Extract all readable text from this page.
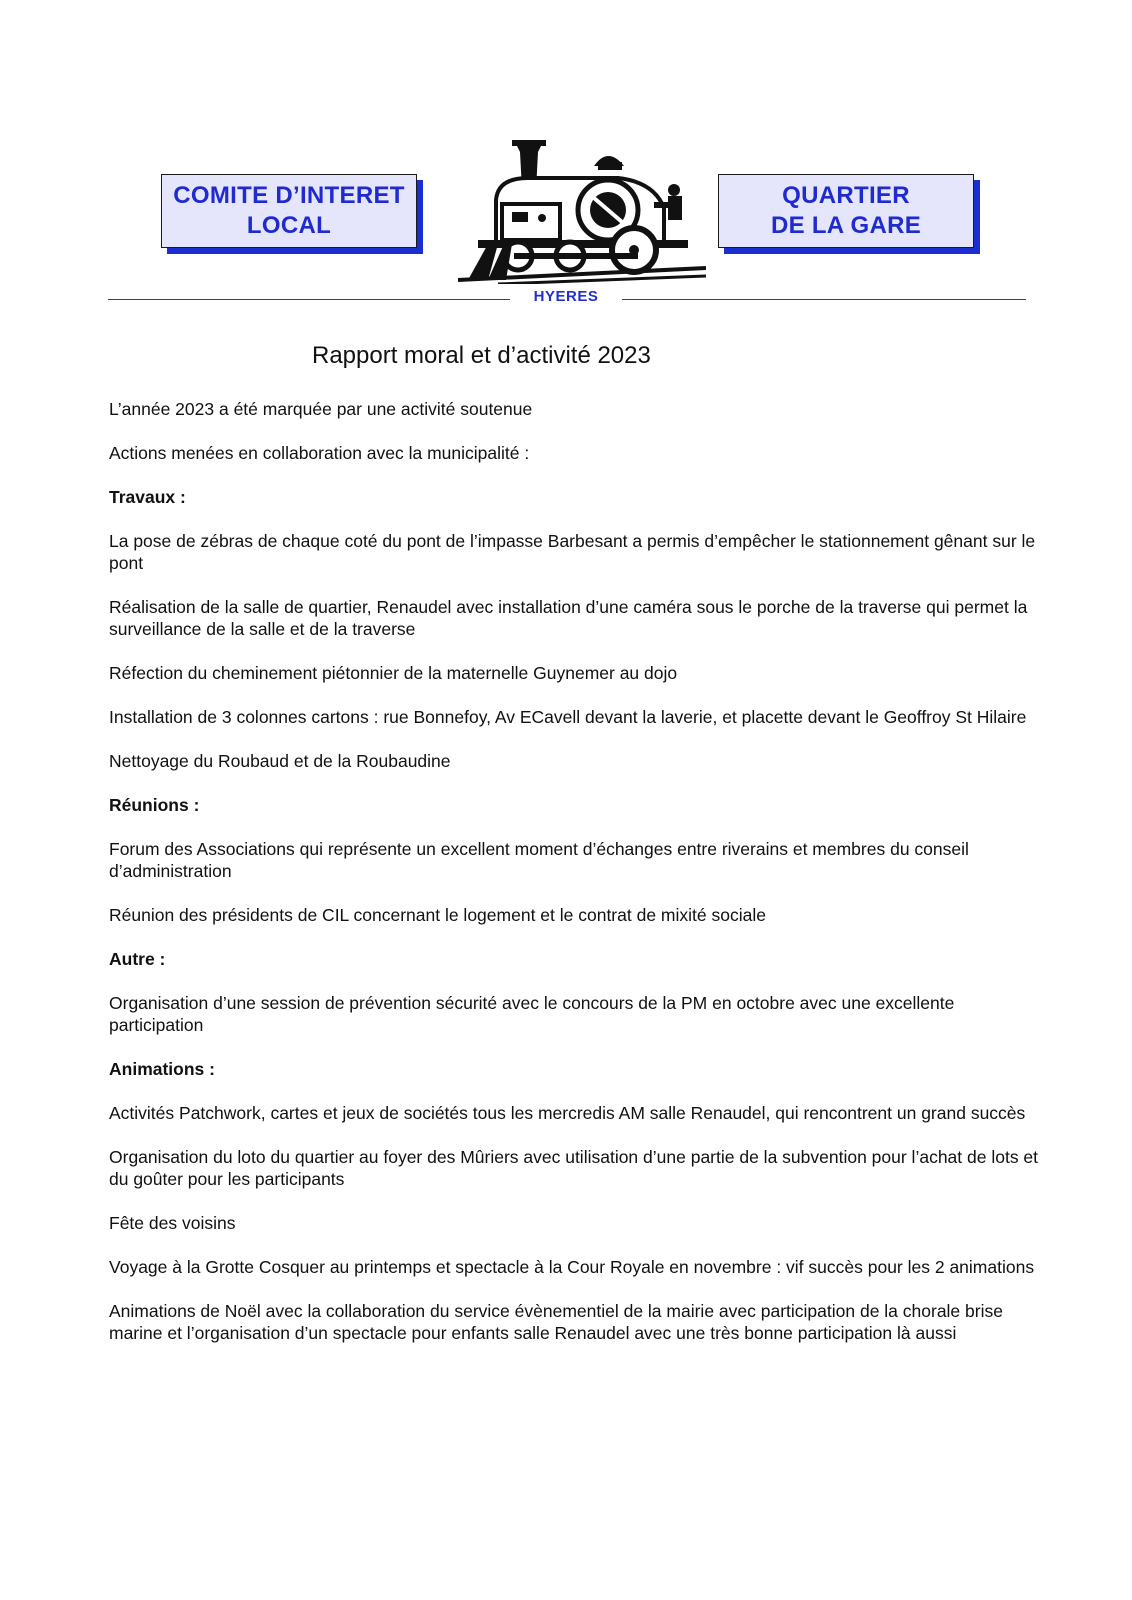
COMITE D’INTERET
LOCAL
QUARTIER
DE LA GARE
HYERES
Rapport moral et d’activité 2023

L’année 2023 a été marquée par une activité soutenue

Actions menées en collaboration avec la municipalité :

Travaux :

La pose de zébras de chaque coté du pont de l’impasse Barbesant a permis d’empêcher le stationnement gênant sur le pont

Réalisation de la salle de quartier, Renaudel avec installation d’une caméra sous le porche de la traverse qui permet la surveillance de la salle et de la traverse

Réfection du cheminement piétonnier de la maternelle Guynemer au dojo

Installation de 3 colonnes cartons : rue Bonnefoy, Av ECavell devant la laverie, et placette devant le Geoffroy St Hilaire

Nettoyage du Roubaud et de la Roubaudine

Réunions :

Forum des Associations qui représente un excellent moment d’échanges entre riverains et membres du conseil d’administration

Réunion des présidents de CIL concernant le logement et le contrat de mixité sociale

Autre :

Organisation d’une session de prévention sécurité avec le concours de la PM en octobre avec une excellente participation

Animations :

Activités Patchwork, cartes et jeux de sociétés tous les mercredis AM salle Renaudel, qui rencontrent un grand succès

Organisation du loto du quartier au foyer des Mûriers avec utilisation d’une partie de la subvention pour l’achat de lots et du goûter pour les participants

Fête des voisins

Voyage à la Grotte Cosquer au printemps et spectacle à la Cour Royale en novembre : vif succès pour les 2 animations

Animations de Noël avec la collaboration du service évènementiel de la mairie avec participation de la chorale brise marine et l’organisation d’un spectacle pour enfants salle Renaudel avec une très bonne participation là aussi
